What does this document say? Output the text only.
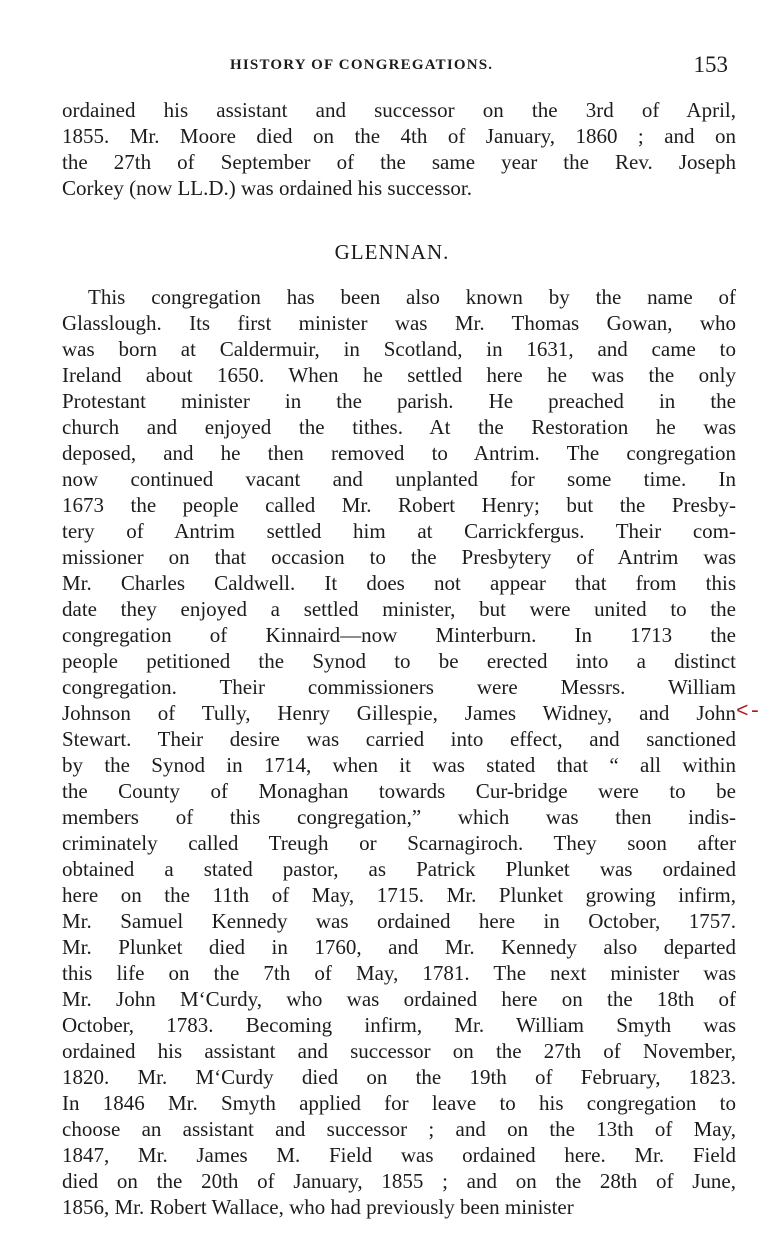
HISTORY OF CONGREGATIONS.	153

ordained his assistant and successor on the 3rd of April,
1855. Mr. Moore died on the 4th of January, 1860 ; and on
the 27th of September of the same year the Rev. Joseph
Corkey (now LL.D.) was ordained his successor.

GLENNAN.

This congregation has been also known by the name of
Glasslough. Its first minister was Mr. Thomas Gowan, who
was born at Caldermuir, in Scotland, in 1631, and came to
Ireland about 1650. When he settled here he was the only
Protestant minister in the parish. He preached in the
church and enjoyed the tithes. At the Restoration he was
deposed, and he then removed to Antrim. The congregation
now continued vacant and unplanted for some time. In
1673 the people called Mr. Robert Henry; but the Presby-
tery of Antrim settled him at Carrickfergus. Their com-
missioner on that occasion to the Presbytery of Antrim was
Mr. Charles Caldwell. It does not appear that from this
date they enjoyed a settled minister, but were united to the
congregation of Kinnaird—now Minterburn. In 1713 the
people petitioned the Synod to be erected into a distinct
congregation. Their commissioners were Messrs. William
Johnson of Tully, Henry Gillespie, James Widney, and John
Stewart. Their desire was carried into effect, and sanctioned
by the Synod in 1714, when it was stated that “ all within
the County of Monaghan towards Cur-bridge were to be
members of this congregation,” which was then indis-
criminately called Treugh or Scarnagiroch. They soon after
obtained a stated pastor, as Patrick Plunket was ordained
here on the 11th of May, 1715. Mr. Plunket growing infirm,
Mr. Samuel Kennedy was ordained here in October, 1757.
Mr. Plunket died in 1760, and Mr. Kennedy also departed
this life on the 7th of May, 1781. The next minister was
Mr. John M‘Curdy, who was ordained here on the 18th of
October, 1783. Becoming infirm, Mr. William Smyth was
ordained his assistant and successor on the 27th of November,
1820. Mr. M‘Curdy died on the 19th of February, 1823.
In 1846 Mr. Smyth applied for leave to his congregation to
choose an assistant and successor ; and on the 13th of May,
1847, Mr. James M. Field was ordained here. Mr. Field
died on the 20th of January, 1855 ; and on the 28th of June,
1856, Mr. Robert Wallace, who had previously been minister

<-
